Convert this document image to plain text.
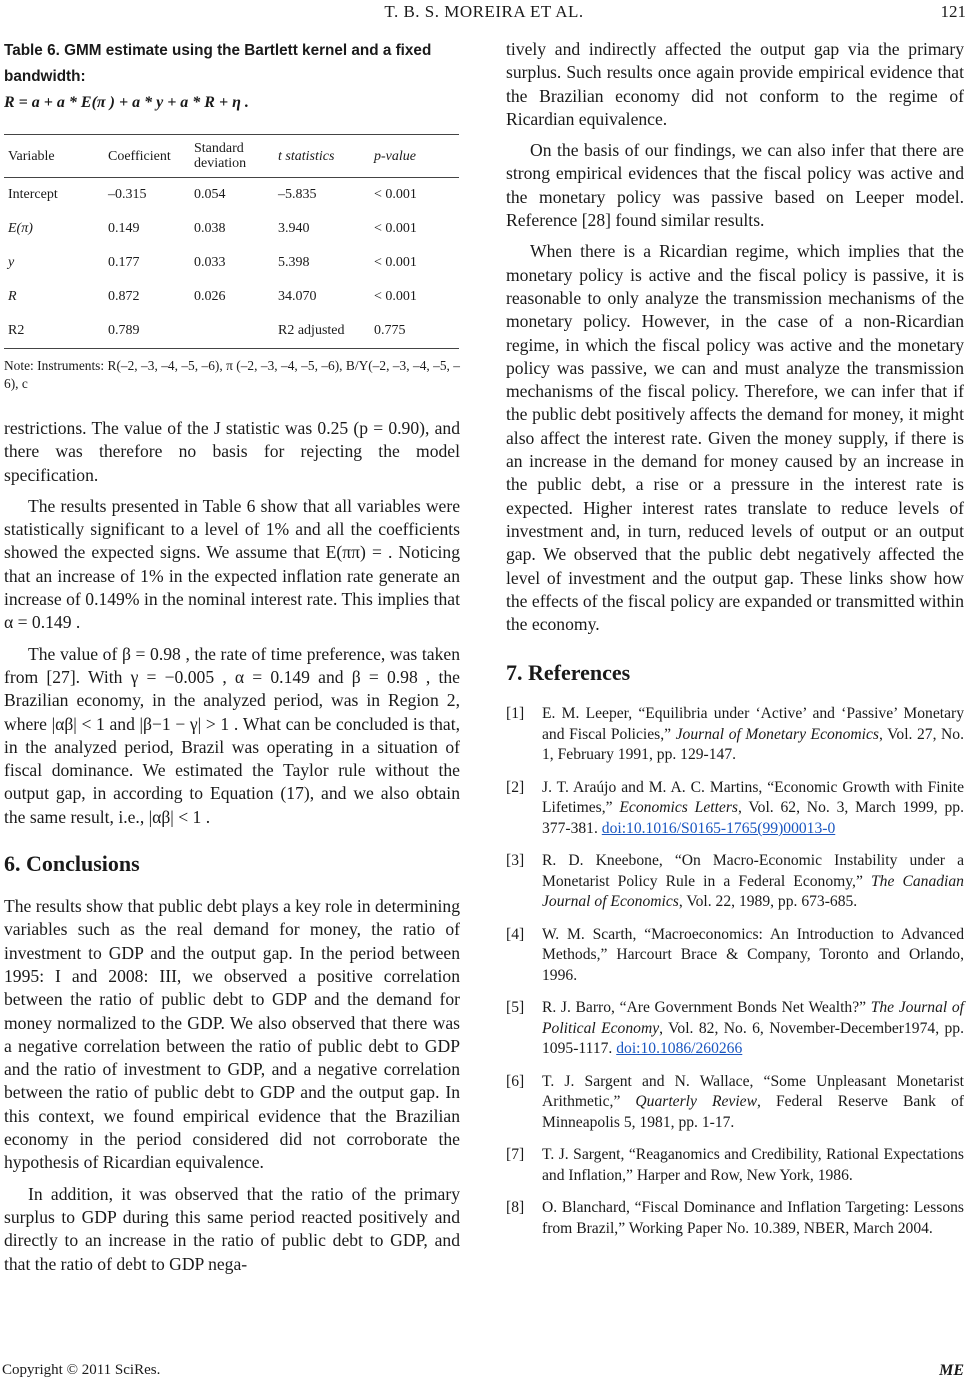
T. B. S. MOREIRA ET AL.	121

Table 6. GMM estimate using the Bartlett kernel and a fixed bandwidth:
R = a + a * E(π ) + a * y + a * R + η .

Variable	Coefficient	Standard deviation	t statistics	p-value
Intercept	–0.315	0.054	–5.835	< 0.001
E(π)	0.149	0.038	3.940	< 0.001
y	0.177	0.033	5.398	< 0.001
R	0.872	0.026	34.070	< 0.001
R2	0.789		R2 adjusted	0.775
Note: Instruments: R(–2, –3, –4, –5, –6), π (–2, –3, –4, –5, –6), B/Y(–2, –3, –4, –5, –6), c

restrictions. The value of the J statistic was 0.25 (p = 0.90), and there was therefore no basis for rejecting the model specification.

The results presented in Table 6 show that all variables were statistically significant to a level of 1% and all the coefficients showed the expected signs. We assume that E(ππ) = . Noticing that an increase of 1% in the expected inflation rate generate an increase of 0.149% in the nominal interest rate. This implies that α = 0.149 .

The value of β = 0.98 , the rate of time preference, was taken from [27]. With γ = −0.005 , α = 0.149 and β = 0.98 , the Brazilian economy, in the analyzed period, was in Region 2, where |αβ| < 1 and |β−1 − γ| > 1 . What can be concluded is that, in the analyzed period, Brazil was operating in a situation of fiscal dominance. We estimated the Taylor rule without the output gap, in according to Equation (17), and we also obtain the same result, i.e., |αβ| < 1 .

6. Conclusions

The results show that public debt plays a key role in determining variables such as the real demand for money, the ratio of investment to GDP and the output gap. In the period between 1995: I and 2008: III, we observed a positive correlation between the ratio of public debt to GDP and the demand for money normalized to the GDP. We also observed that there was a negative correlation between the ratio of public debt to GDP and the ratio of investment to GDP, and a negative correlation between the ratio of public debt to GDP and the output gap. In this context, we found empirical evidence that the Brazilian economy in the period considered did not corroborate the hypothesis of Ricardian equivalence.

In addition, it was observed that the ratio of the primary surplus to GDP during this same period reacted positively and directly to an increase in the ratio of public debt to GDP, and that the ratio of debt to GDP nega-

tively and indirectly affected the output gap via the primary surplus. Such results once again provide empirical evidence that the Brazilian economy did not conform to the regime of Ricardian equivalence.

On the basis of our findings, we can also infer that there are strong empirical evidences that the fiscal policy was active and the monetary policy was passive based on Leeper model. Reference [28] found similar results.

When there is a Ricardian regime, which implies that the monetary policy is active and the fiscal policy is passive, it is reasonable to only analyze the transmission mechanisms of the monetary policy. However, in the case of a non-Ricardian regime, in which the fiscal policy was active and the monetary policy was passive, we can and must analyze the transmission mechanisms of the fiscal policy. Therefore, we can infer that if the public debt positively affects the demand for money, it might also affect the interest rate. Given the money supply, if there is an increase in the demand for money caused by an increase in the public debt, a rise or a pressure in the interest rate is expected. Higher interest rates translate to reduce levels of investment and, in turn, reduced levels of output or an output gap. We observed that the public debt negatively affected the level of investment and the output gap. These links show how the effects of the fiscal policy are expanded or transmitted within the economy.

7. References
[1] E. M. Leeper, “Equilibria under ‘Active’ and ‘Passive’ Monetary and Fiscal Policies,” Journal of Monetary Economics, Vol. 27, No. 1, February 1991, pp. 129-147.
[2] J. T. Araújo and M. A. C. Martins, “Economic Growth with Finite Lifetimes,” Economics Letters, Vol. 62, No. 3, March 1999, pp. 377-381. doi:10.1016/S0165-1765(99)00013-0
[3] R. D. Kneebone, “On Macro-Economic Instability under a Monetarist Policy Rule in a Federal Economy,” The Canadian Journal of Economics, Vol. 22, 1989, pp. 673-685.
[4] W. M. Scarth, “Macroeconomics: An Introduction to Advanced Methods,” Harcourt Brace & Company, Toronto and Orlando, 1996.
[5] R. J. Barro, “Are Government Bonds Net Wealth?” The Journal of Political Economy, Vol. 82, No. 6, November-December1974, pp. 1095-1117. doi:10.1086/260266
[6] T. J. Sargent and N. Wallace, “Some Unpleasant Monetarist Arithmetic,” Quarterly Review, Federal Reserve Bank of Minneapolis 5, 1981, pp. 1-17.
[7] T. J. Sargent, “Reaganomics and Credibility, Rational Expectations and Inflation,” Harper and Row, New York, 1986.
[8] O. Blanchard, “Fiscal Dominance and Inflation Targeting: Lessons from Brazil,” Working Paper No. 10.389, NBER, March 2004.
Copyright © 2011 SciRes.	ME
